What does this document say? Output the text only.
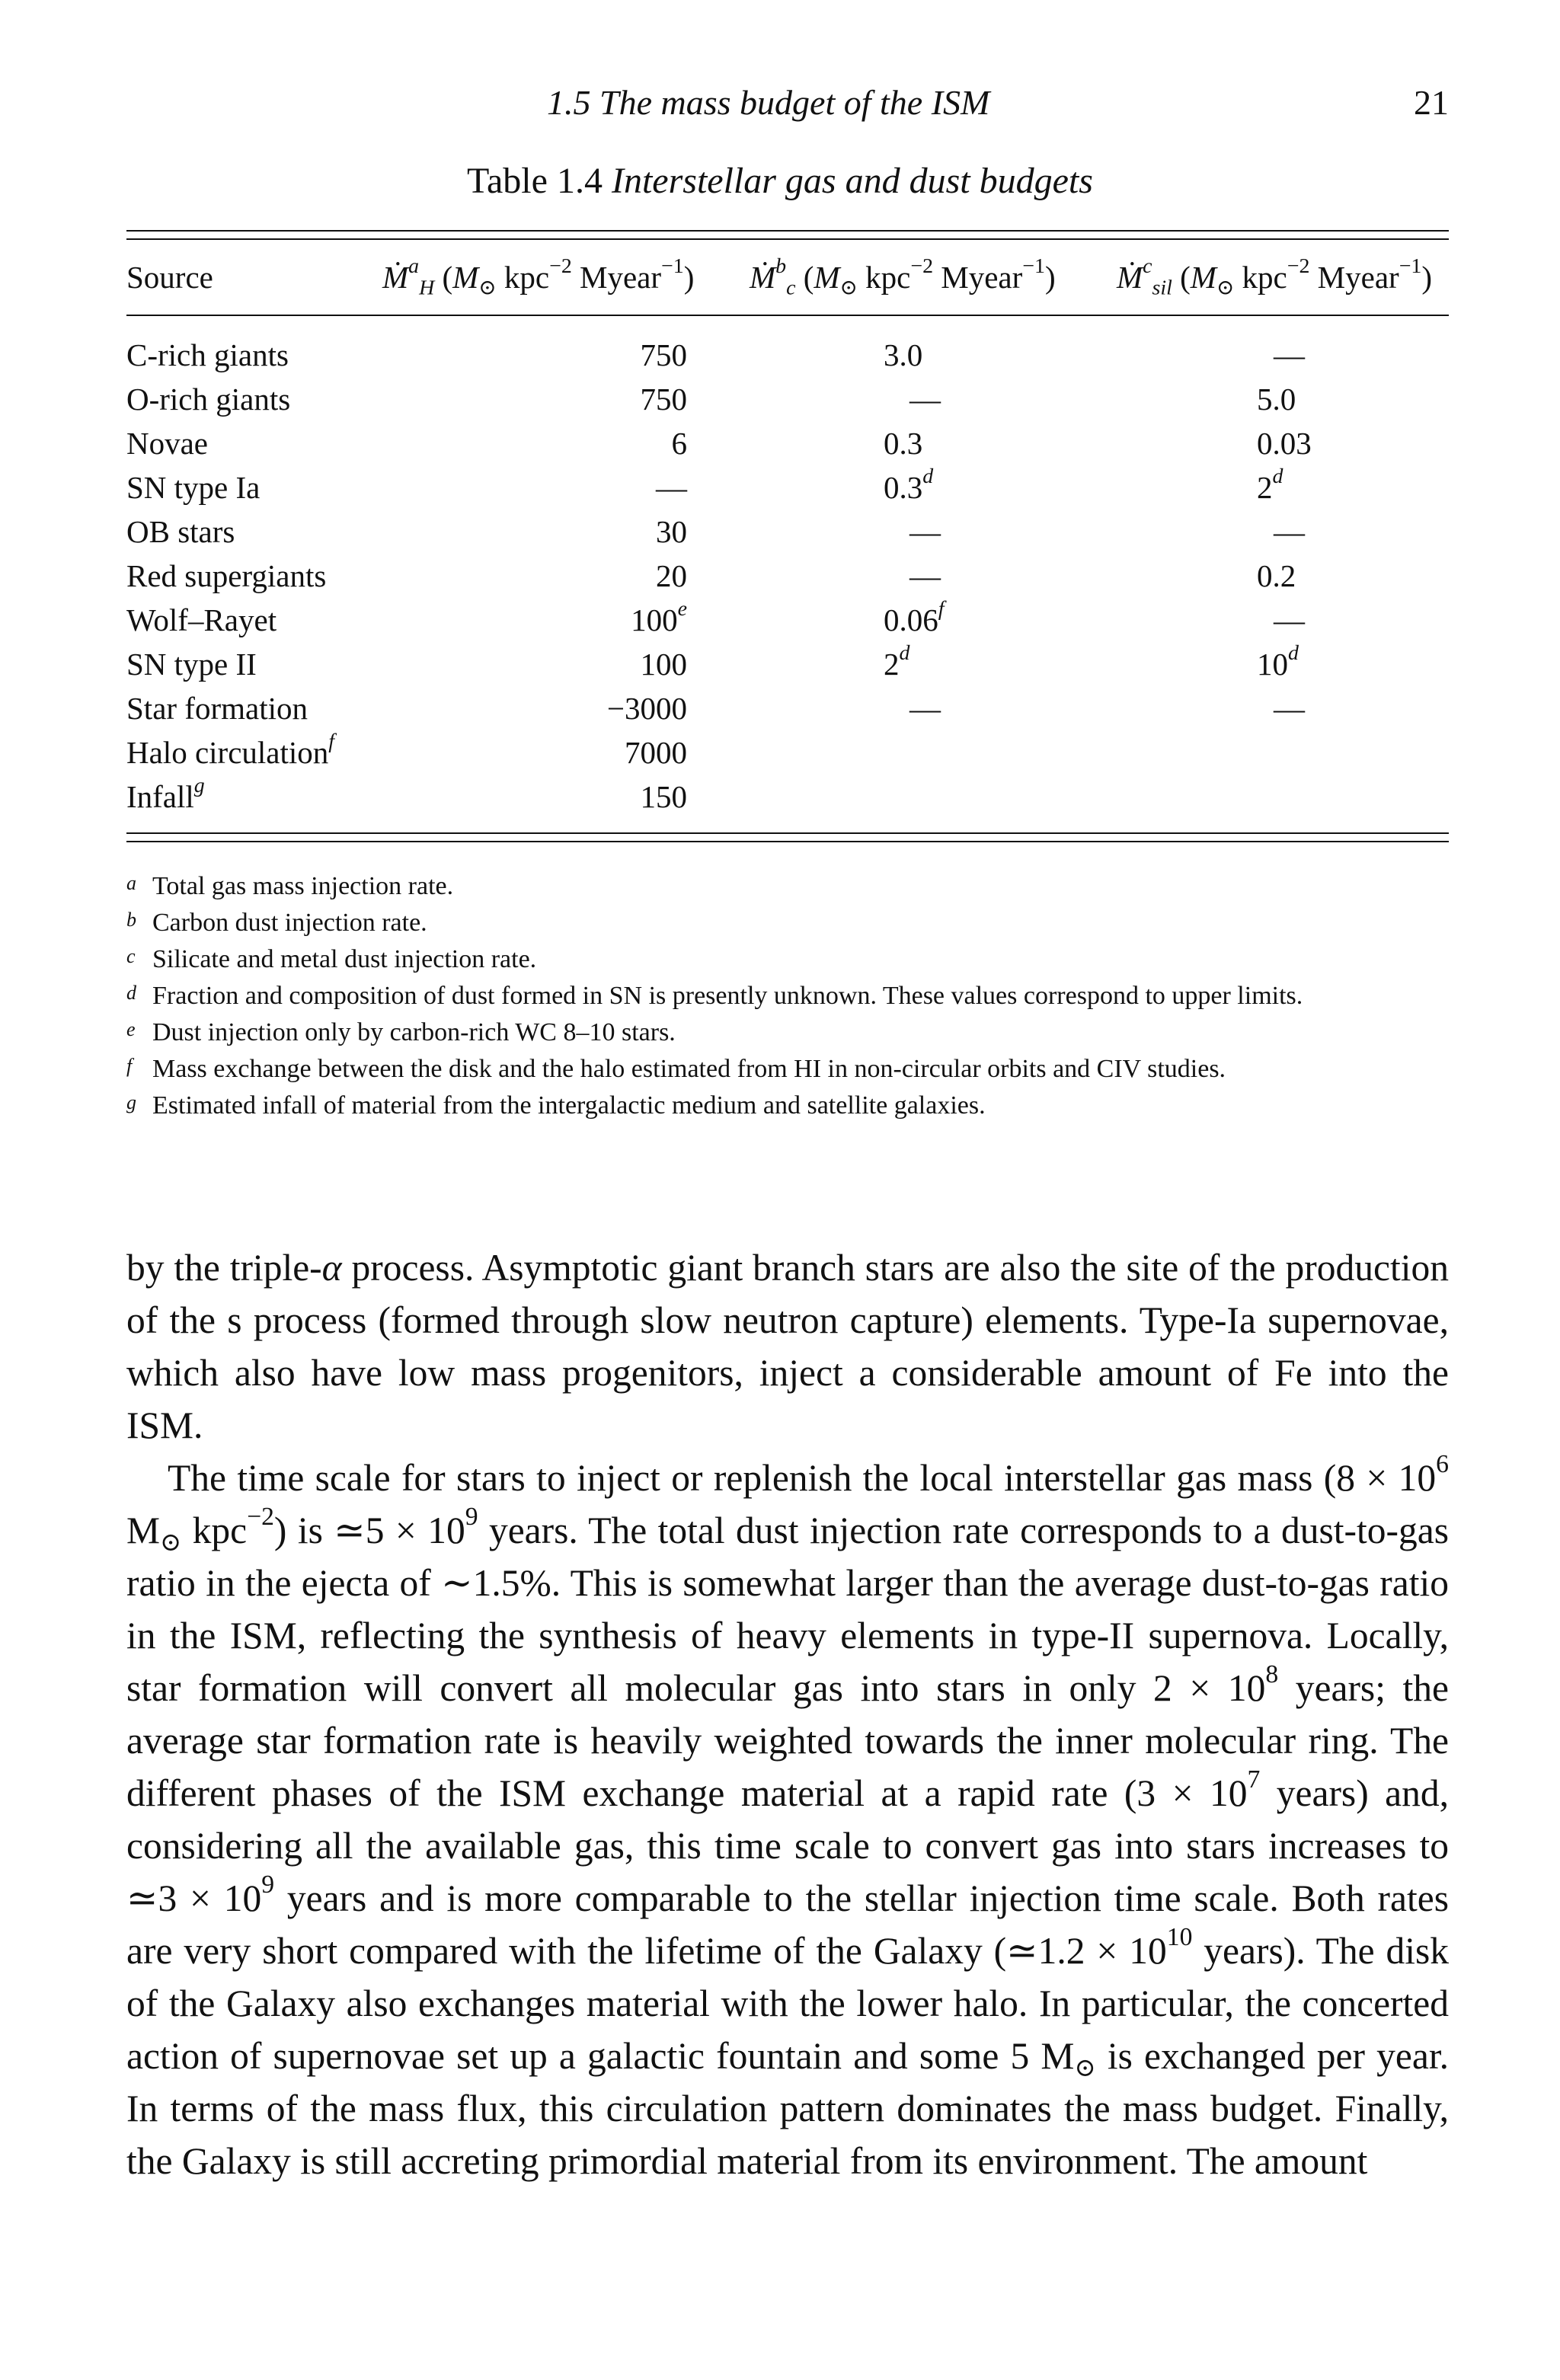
1.5 The mass budget of the ISM	21
Table 1.4 Interstellar gas and dust budgets
Source	Ṁ$^a_H$ ($M_⊙$ kpc$^{-2}$ Myear$^{-1}$) Ṁ$^b_c$ ($M_⊙$ kpc$^{-2}$ Myear$^{-1}$) Ṁ$^c_{sil}$ ($M_⊙$ kpc$^{-2}$ Myear$^{-1}$)
C-rich giants	750	3.0	—
O-rich giants	750	—	5.0
Novae	6	0.3	0.03
SN type Ia	—	0.3$^d$	2$^d$
OB stars	30	—	—
Red supergiants	20	—	0.2
Wolf–Rayet	100e	0.06$^f$	—
SN type II	100	2$^d$	10$^d$
Star formation	−3000	—	—
Halo circulation$^f$	7000
Infall$^g$	150
a Total gas mass injection rate.
b Carbon dust injection rate.
c Silicate and metal dust injection rate.
d Fraction and composition of dust formed in SN is presently unknown. These values correspond to upper limits.
e Dust injection only by carbon-rich WC 8–10 stars.
f Mass exchange between the disk and the halo estimated from HI in non-circular orbits and CIV studies.
g Estimated infall of material from the intergalactic medium and satellite galaxies.

by the triple-α process. Asymptotic giant branch stars are also the site of the production of the s process (formed through slow neutron capture) elements. Type-Ia supernovae, which also have low mass progenitors, inject a considerable amount of Fe into the ISM.

The time scale for stars to inject or replenish the local interstellar gas mass ($8 \times 10^6$ $M_⊙$ kpc$^{-2}$) is ≃5 × $10^9$ years. The total dust injection rate corresponds to a dust-to-gas ratio in the ejecta of ∼1.5%. This is somewhat larger than the average dust-to-gas ratio in the ISM, reflecting the synthesis of heavy elements in type-II supernova. Locally, star formation will convert all molecular gas into stars in only $2 \times 10^8$ years; the average star formation rate is heavily weighted towards the inner molecular ring. The different phases of the ISM exchange material at a rapid rate ($3 \times 10^7$ years) and, considering all the available gas, this time scale to convert gas into stars increases to ≃3 × $10^9$ years and is more comparable to the stellar injection time scale. Both rates are very short compared with the lifetime of the Galaxy (≃1.2 × $10^{10}$ years). The disk of the Galaxy also exchanges material with the lower halo. In particular, the concerted action of supernovae set up a galactic fountain and some 5 $M_⊙$ is exchanged per year. In terms of the mass flux, this circulation pattern dominates the mass budget. Finally, the Galaxy is still accreting primordial material from its environment. The amount
